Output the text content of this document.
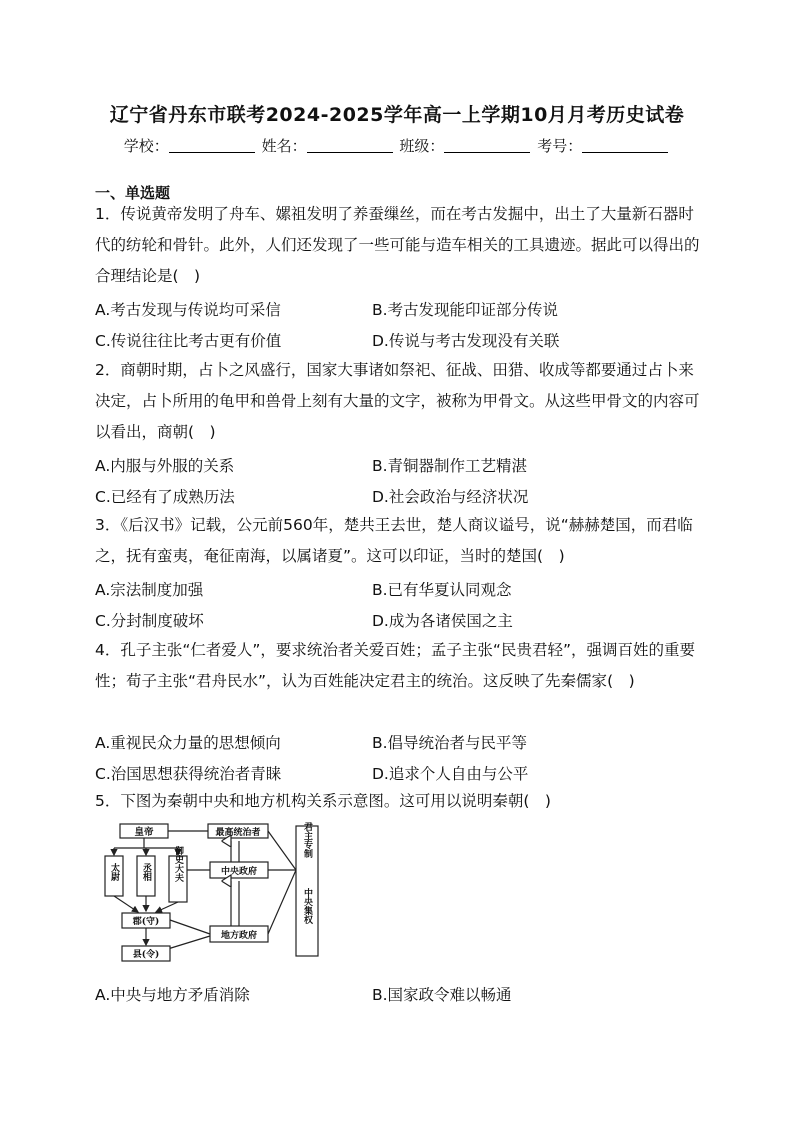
辽宁省丹东市联考2024-2025学年高一上学期10月月考历史试卷
学校：	姓名：	班级：	考号：
一、单选题
1．传说黄帝发明了舟车、嫘祖发明了养蚕缫丝，而在考古发掘中，出土了大量新石器时代的纺轮和骨针。此外，人们还发现了一些可能与造车相关的工具遗迹。据此可以得出的合理结论是(　)
A.考古发现与传说均可采信	B.考古发现能印证部分传说
C.传说往往比考古更有价值	D.传说与考古发现没有关联
2．商朝时期，占卜之风盛行，国家大事诸如祭祀、征战、田猎、收成等都要通过占卜来决定，占卜所用的龟甲和兽骨上刻有大量的文字，被称为甲骨文。从这些甲骨文的内容可以看出，商朝(　)
A.内服与外服的关系	B.青铜器制作工艺精湛
C.已经有了成熟历法	D.社会政治与经济状况
3．《后汉书》记载，公元前560年，楚共王去世，楚人商议谥号，说“赫赫楚国，而君临之，抚有蛮夷，奄征南海，以属诸夏”。这可以印证，当时的楚国(　)
A.宗法制度加强	B.已有华夏认同观念
C.分封制度破坏	D.成为各诸侯国之主
4．孔子主张“仁者爱人”，要求统治者关爱百姓；孟子主张“民贵君轻”，强调百姓的重要性；荀子主张“君舟民水”，认为百姓能决定君主的统治。这反映了先秦儒家(　)
A.重视民众力量的思想倾向	B.倡导统治者与民平等
C.治国思想获得统治者青睐	D.追求个人自由与公平
5．下图为秦朝中央和地方机构关系示意图。这可用以说明秦朝(　)
皇帝	最高统治者
太尉 丞相 御史大夫	中央政府
郡(守)
地方政府
县(令)
君主专制
中央集权
A.中央与地方矛盾消除	B.国家政令难以畅通
